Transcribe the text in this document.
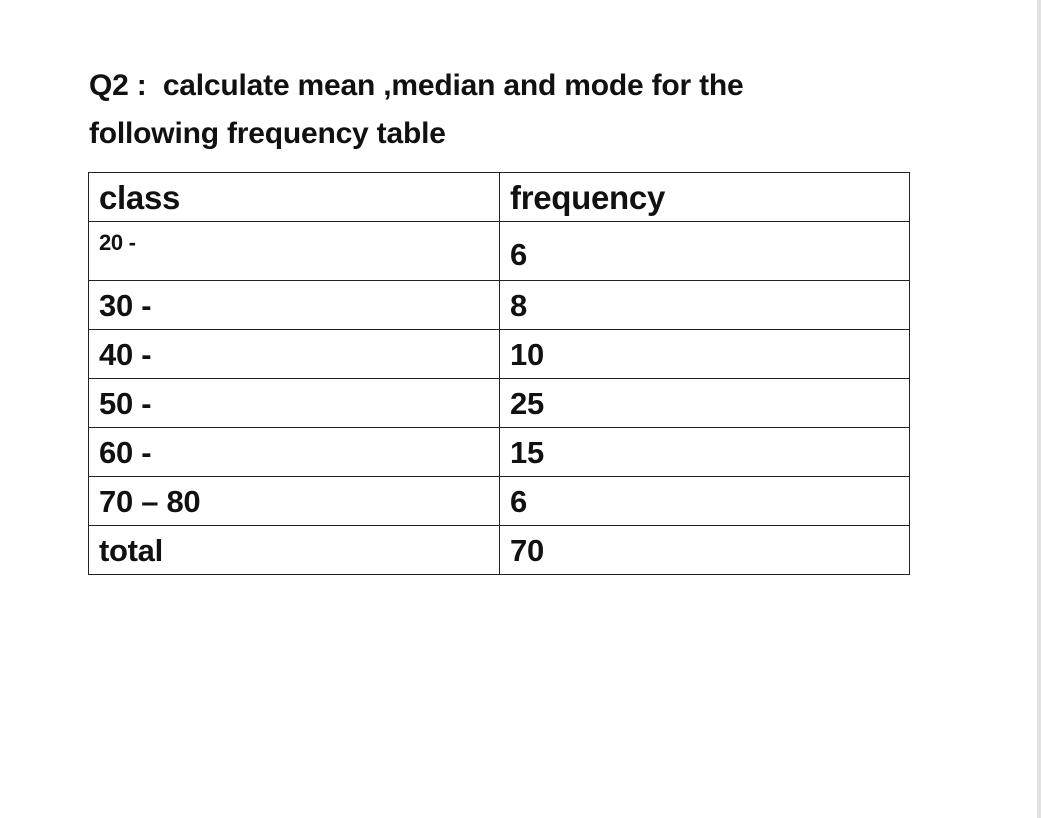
Q2 :  calculate mean ,median and mode for the
following frequency table
class	frequency
20 -	6
30 -	8
40 -	10
50 -	25
60 -	15
70 – 80	6
total	70
